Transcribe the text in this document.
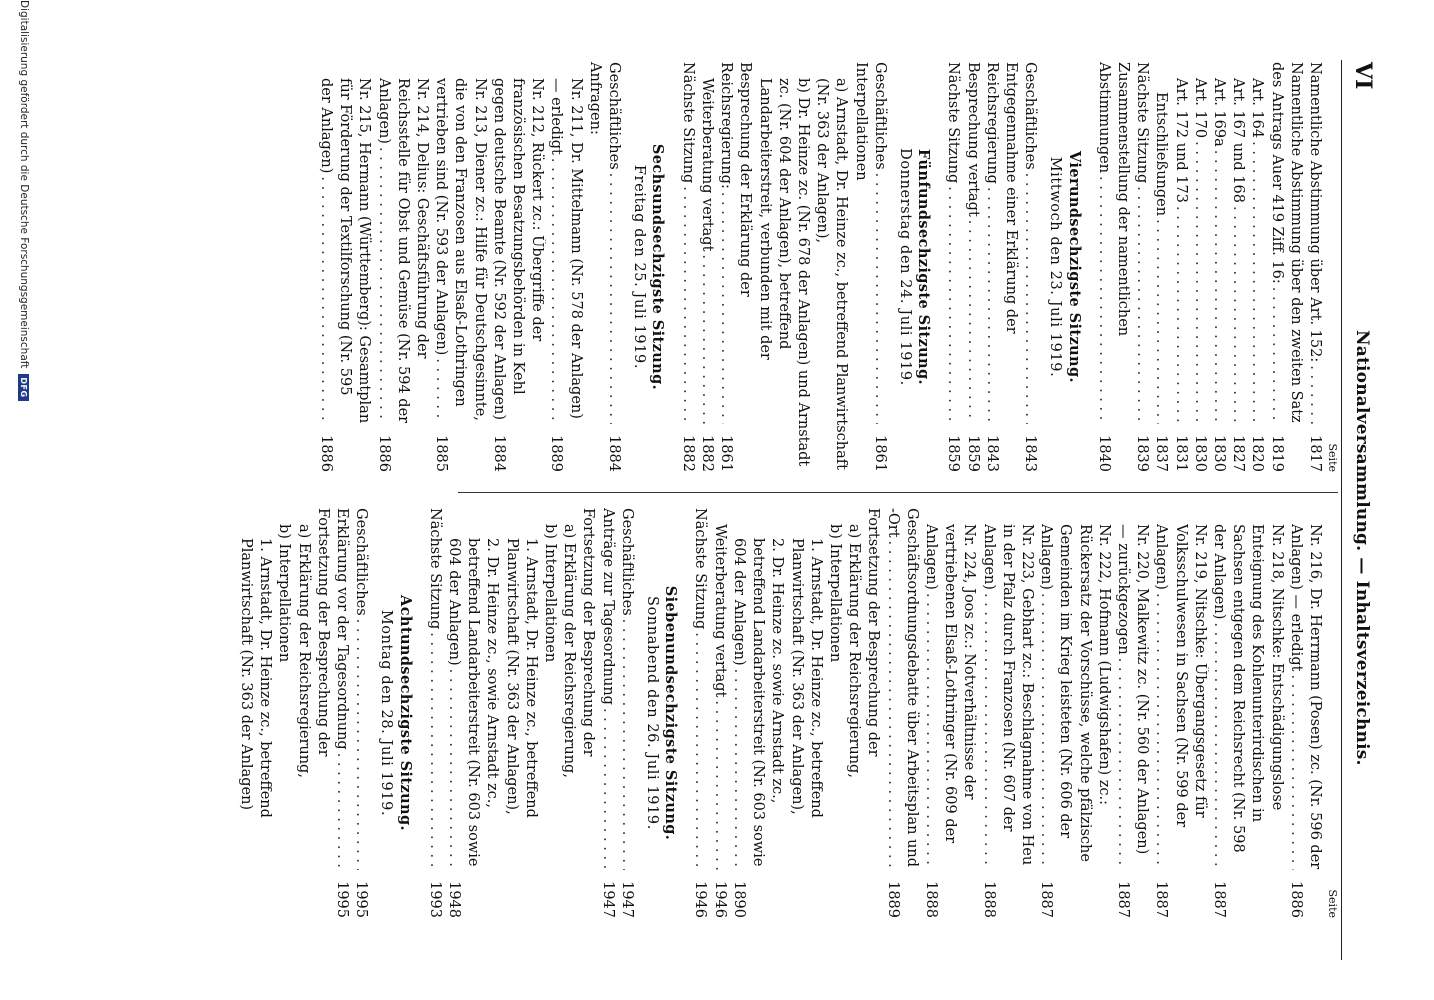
VI
Nationalversammlung. — Inhaltsverzeichnis.
Seite
Namentliche Abstimmung über Art. 152: . . .
1817
Namentliche Abstimmung über den zweiten Satz des Antrags Auer 419 Ziff. 16: . . .
1819
Art. 164 . . .
1820
Art. 167 und 168 . . .
1827
Art. 169a . . .
1830
Art. 170 . . .
1830
Art. 172 und 173 . . .
1831
Entschließungen . . .
1837
Nächste Sitzung . . .
1839
Zusammenstellung der namentlichen Abstimmungen . . .
1840
Vierundsechzigste Sitzung.
Mittwoch den 23. Juli 1919.
Geschäftliches . . .
1843
Entgegennahme einer Erklärung der Reichsregierung . . .
1843
Besprechung vertagt . . .
1859
Nächste Sitzung . . .
1859
Fünfundsechzigste Sitzung.
Donnerstag den 24. Juli 1919.
Geschäftliches . . .
1861
Interpellationen
a) Arnstadt, Dr. Heinze zc., betreffend Planwirtschaft (Nr. 363 der Anlagen),
b) Dr. Heinze zc. (Nr. 678 der Anlagen) und Arnstadt zc. (Nr. 604 der Anlagen), betreffend Landarbeiterstreit, verbunden mit der
Besprechung der Erklärung der Reichsregierung: . . .
1861
Weiterberatung vertagt . . .
1882
Nächste Sitzung . . .
1882
Sechsundsechzigste Sitzung.
Freitag den 25. Juli 1919.
Geschäftliches . . .
1884
Anfragen:
Nr. 211, Dr. Mittelmann (Nr. 578 der Anlagen) — erledigt . . .
1889
Nr. 212, Rückert zc.: Übergriffe der französischen Besatzungsbehörden in Kehl gegen deutsche Beamte (Nr. 592 der Anlagen) . . .
1884
Nr. 213, Diener zc.: Hilfe für Deutschgesinnte, die von den Franzosen aus Elsaß-Lothringen vertrieben sind (Nr. 593 der Anlagen) . . .
1885
Nr. 214, Delius: Geschäftsführung der Reichsstelle für Obst und Gemüse (Nr. 594 der Anlagen) . . .
1886
Nr. 215, Hermann (Württemberg): Gesamtplan für Förderung der Textilforschung (Nr. 595 der Anlagen) . . .
1886
Seite
Nr. 216, Dr. Herrmann (Posen) zc. (Nr. 596 der Anlagen) — erledigt . . .
1886
Nr. 218, Nitschke: Entschädigungslose Enteignung des Kohlenunterirdischen in Sachsen entgegen dem Reichsrecht (Nr. 598 der Anlagen) . . .
1887
Nr. 219, Nitschke: Übergangsgesetz für Volksschulwesen in Sachsen (Nr. 599 der Anlagen) . . .
1887
Nr. 220, Malkewitz zc. (Nr. 560 der Anlagen) — zurückgezogen . . .
1887
Nr. 222, Hofmann (Ludwigshafen) zc.: Rückersatz der Vorschüsse, welche pfälzische Gemeinden im Krieg leisteten (Nr. 606 der Anlagen) . . .
1887
Nr. 223, Gebhart zc.: Beschlagnahme von Heu in der Pfalz durch Franzosen (Nr. 607 der Anlagen) . . .
1888
Nr. 224, Joos zc.: Notverhältnisse der vertriebenen Elsaß-Lothringer (Nr. 609 der Anlagen) . . .
1888
Geschäftsordnungsdebatte über Arbeitsplan und -Ort . . .
1889
Fortsetzung der Besprechung der
a) Erklärung der Reichsregierung,
b) Interpellationen
1. Arnstadt, Dr. Heinze zc., betreffend Planwirtschaft (Nr. 363 der Anlagen),
2. Dr. Heinze zc. sowie Arnstadt zc., betreffend Landarbeiterstreit (Nr. 603 sowie 604 der Anlagen) . . .
1890
Weiterberatung vertagt . . .
1946
Nächste Sitzung . . .
1946
Siebenundsechzigste Sitzung.
Sonnabend den 26. Juli 1919.
Geschäftliches . . .
1947
Anträge zur Tagesordnung . . .
1947
Fortsetzung der Besprechung der
a) Erklärung der Reichsregierung,
b) Interpellationen
1. Arnstadt, Dr. Heinze zc., betreffend Planwirtschaft (Nr. 363 der Anlagen),
2. Dr. Heinze zc., sowie Arnstadt zc., betreffend Landarbeiterstreit (Nr. 603 sowie 604 der Anlagen) . . .
1948
Nächste Sitzung . . .
1993
Achtundsechzigste Sitzung.
Montag den 28. Juli 1919.
Geschäftliches . . .
1995
Erklärung vor der Tagesordnung . . .
1995
Fortsetzung der Besprechung der
a) Erklärung der Reichsregierung,
b) Interpellationen
1. Arnstadt, Dr. Heinze zc., betreffend Planwirtschaft (Nr. 363 der Anlagen)
Digitalisierung gefördert durch die Deutsche Forschungsgemeinschaft
DFG
